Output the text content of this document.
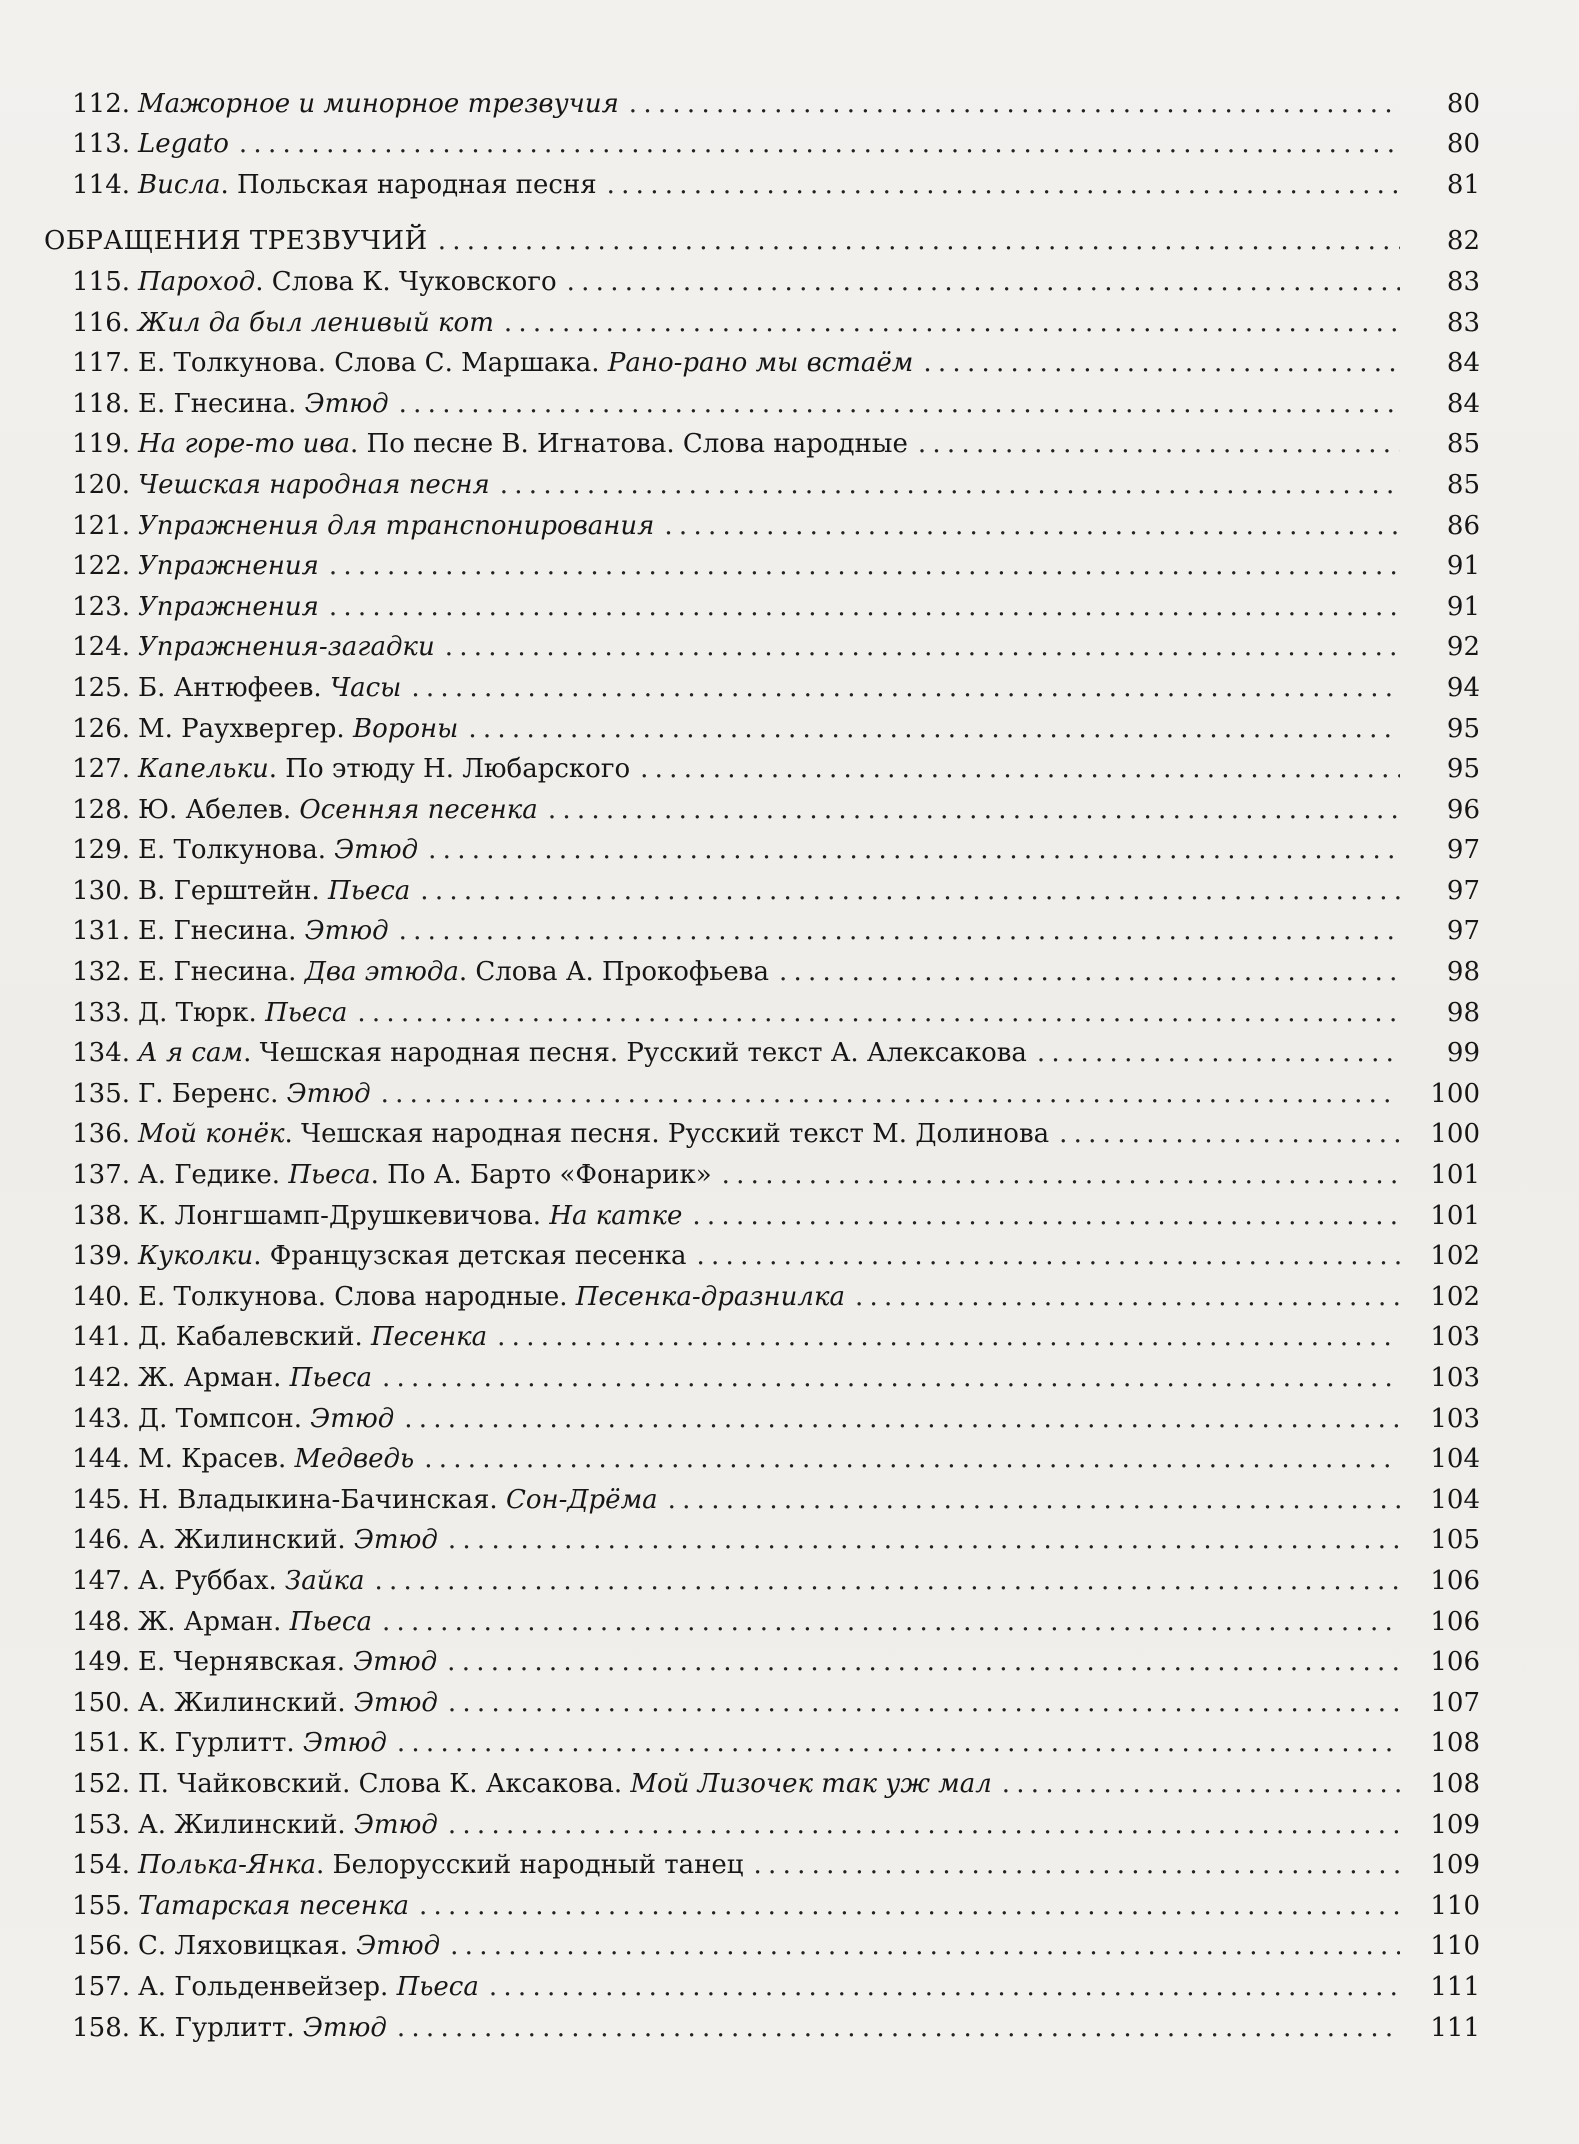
112. Мажорное и минорное трезвучия . . .	80
113. Legato . . .	80
114. Висла. Польская народная песня . . .	81
ОБРАЩЕНИЯ ТРЕЗВУЧИЙ . . .	82
115. Пароход. Слова К. Чуковского . . .	83
116. Жил да был ленивый кот . . .	83
117. Е. Толкунова. Слова С. Маршака. Рано-рано мы встаём . . .	84
118. Е. Гнесина. Этюд . . .	84
119. На горе-то ива. По песне В. Игнатова. Слова народные . . .	85
120. Чешская народная песня . . .	85
121. Упражнения для транспонирования . . .	86
122. Упражнения . . .	91
123. Упражнения . . .	91
124. Упражнения-загадки . . .	92
125. Б. Антюфеев. Часы . . .	94
126. М. Раухвергер. Вороны . . .	95
127. Капельки. По этюду Н. Любарского . . .	95
128. Ю. Абелев. Осенняя песенка . . .	96
129. Е. Толкунова. Этюд . . .	97
130. В. Герштейн. Пьеса . . .	97
131. Е. Гнесина. Этюд . . .	97
132. Е. Гнесина. Два этюда. Слова А. Прокофьева . . .	98
133. Д. Тюрк. Пьеса . . .	98
134. А я сам. Чешская народная песня. Русский текст А. Алексакова . . .	99
135. Г. Беренс. Этюд . . .	100
136. Мой конёк. Чешская народная песня. Русский текст М. Долинова . . .	100
137. А. Гедике. Пьеса. По А. Барто «Фонарик» . . .	101
138. К. Лонгшамп-Друшкевичова. На катке . . .	101
139. Куколки. Французская детская песенка . . .	102
140. Е. Толкунова. Слова народные. Песенка-дразнилка . . .	102
141. Д. Кабалевский. Песенка . . .	103
142. Ж. Арман. Пьеса . . .	103
143. Д. Томпсон. Этюд . . .	103
144. М. Красев. Медведь . . .	104
145. Н. Владыкина-Бачинская. Сон-Дрёма . . .	104
146. А. Жилинский. Этюд . . .	105
147. А. Руббах. Зайка . . .	106
148. Ж. Арман. Пьеса . . .	106
149. Е. Чернявская. Этюд . . .	106
150. А. Жилинский. Этюд . . .	107
151. К. Гурлитт. Этюд . . .	108
152. П. Чайковский. Слова К. Аксакова. Мой Лизочек так уж мал . . .	108
153. А. Жилинский. Этюд . . .	109
154. Полька-Янка. Белорусский народный танец . . .	109
155. Татарская песенка . . .	110
156. С. Ляховицкая. Этюд . . .	110
157. А. Гольденвейзер. Пьеса . . .	111
158. К. Гурлитт. Этюд . . .	111
